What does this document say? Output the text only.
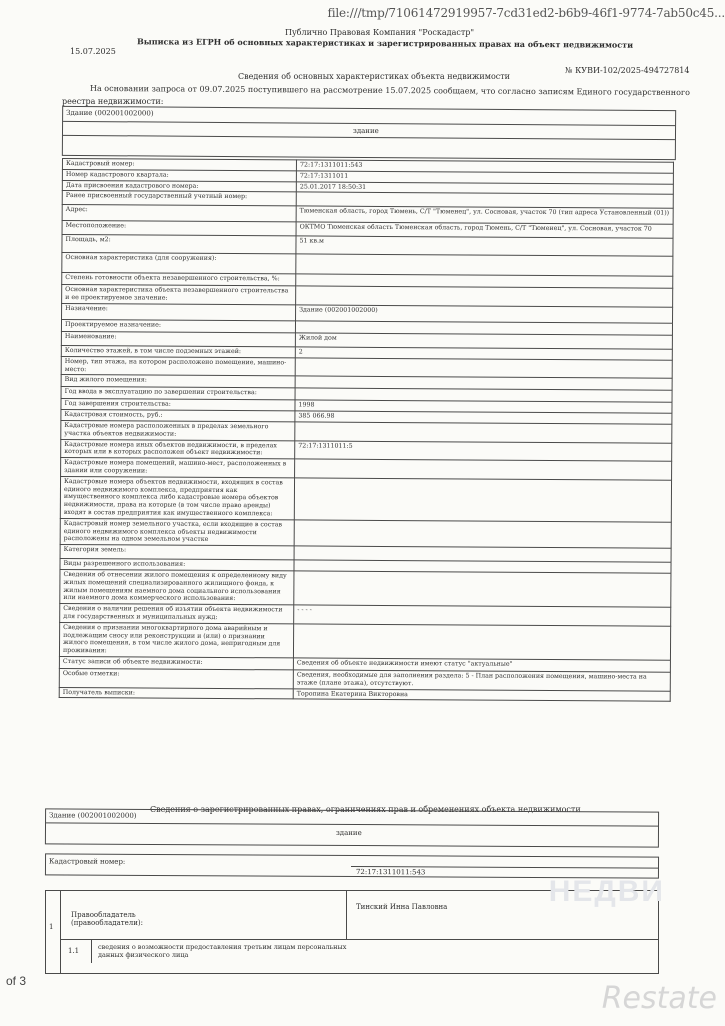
file:///tmp/71061472919957-7cd31ed2-b6b9-46f1-9774-7ab50c45...
Публично Правовая Компания "Роскадастр"
15.07.2025
Выписка из ЕГРН об основных характеристиках и зарегистрированных правах на объект недвижимости
№ КУВИ-102/2025-494727814
Сведения об основных характеристиках объекта недвижимости
На основании запроса от 09.07.2025 поступившего на рассмотрение 15.07.2025 сообщаем, что согласно записям Единого государственного
реестра недвижимости:
Здание (002001002000)
здание
Кадастровый номер:	72:17:1311011:543
Номер кадастрового квартала:	72:17:1311011
Дата присвоения кадастрового номера:	25.01.2017 18:50:31
Ранее присвоенный государственный учетный номер:	
Адрес:	Тюменская область, город Тюмень, С/Т "Тюменец", ул. Сосновая, участок 70 (тип адреса Установленный (01))
Местоположение:	ОКТМО Тюменская область Тюменская область, город Тюмень, С/Т "Тюменец", ул. Сосновая, участок 70
Площадь, м2:	51 кв.м
Основная характеристика (для сооружения):	
Степень готовности объекта незавершенного строительства, %:	
Основная характеристика объекта незавершенного строительства и ее проектируемое значение:	
Назначение:	Здание (002001002000)
Проектируемое назначение:	
Наименование:	Жилой дом
Количество этажей, в том числе подземных этажей:	2
Номер, тип этажа, на котором расположено помещение, машино-место:	
Вид жилого помещения:	
Год ввода в эксплуатацию по завершении строительства:	
Год завершения строительства:	1998
Кадастровая стоимость, руб.:	385 066.98
Кадастровые номера расположенных в пределах земельного участка объектов недвижимости:	
Кадастровые номера иных объектов недвижимости, в пределах которых или в которых расположен объект недвижимости:	72:17:1311011:5
Кадастровые номера помещений, машино-мест, расположенных в здании или сооружении:	
Кадастровые номера объектов недвижимости, входящих в состав единого недвижимого комплекса, предприятия как имущественного комплекса либо кадастровые номера объектов недвижимости, права на которые (в том числе право аренды) входят в состав предприятия как имущественного комплекса:	
Кадастровый номер земельного участка, если входящие в состав единого недвижимого комплекса объекты недвижимости расположены на одном земельном участке	
Категория земель:	
Виды разрешенного использования:	
Сведения об отнесении жилого помещения к определенному виду жилых помещений специализированного жилищного фонда, к жилым помещениям наемного дома социального использования или наемного дома коммерческого использования:	
Сведения о наличии решения об изъятии объекта недвижимости для государственных и муниципальных нужд:	- - - -
Сведения о признании многоквартирного дома аварийным и подлежащим сносу или реконструкции и (или) о признании жилого помещения, в том числе жилого дома, непригодным для проживания:	
Статус записи об объекте недвижимости:	Сведения об объекте недвижимости имеют статус "актуальные"
Особые отметки:	Сведения, необходимые для заполнения раздела: 5 - План расположения помещения, машино-места на этаже (плане этажа), отсутствуют.
Получатель выписки:	Торопина Екатерина Викторовна
Сведения о зарегистрированных правах, ограничениях прав и обременениях объекта недвижимости
Здание (002001002000)
здание
Кадастровый номер:
72:17:1311011:543
1
Правообладатель (правообладатели):
Тинский Инна Павловна
1.1	сведения о возможности предоставления третьим лицам персональных данных физического лица
НЕДВИ
of 3	Restate
